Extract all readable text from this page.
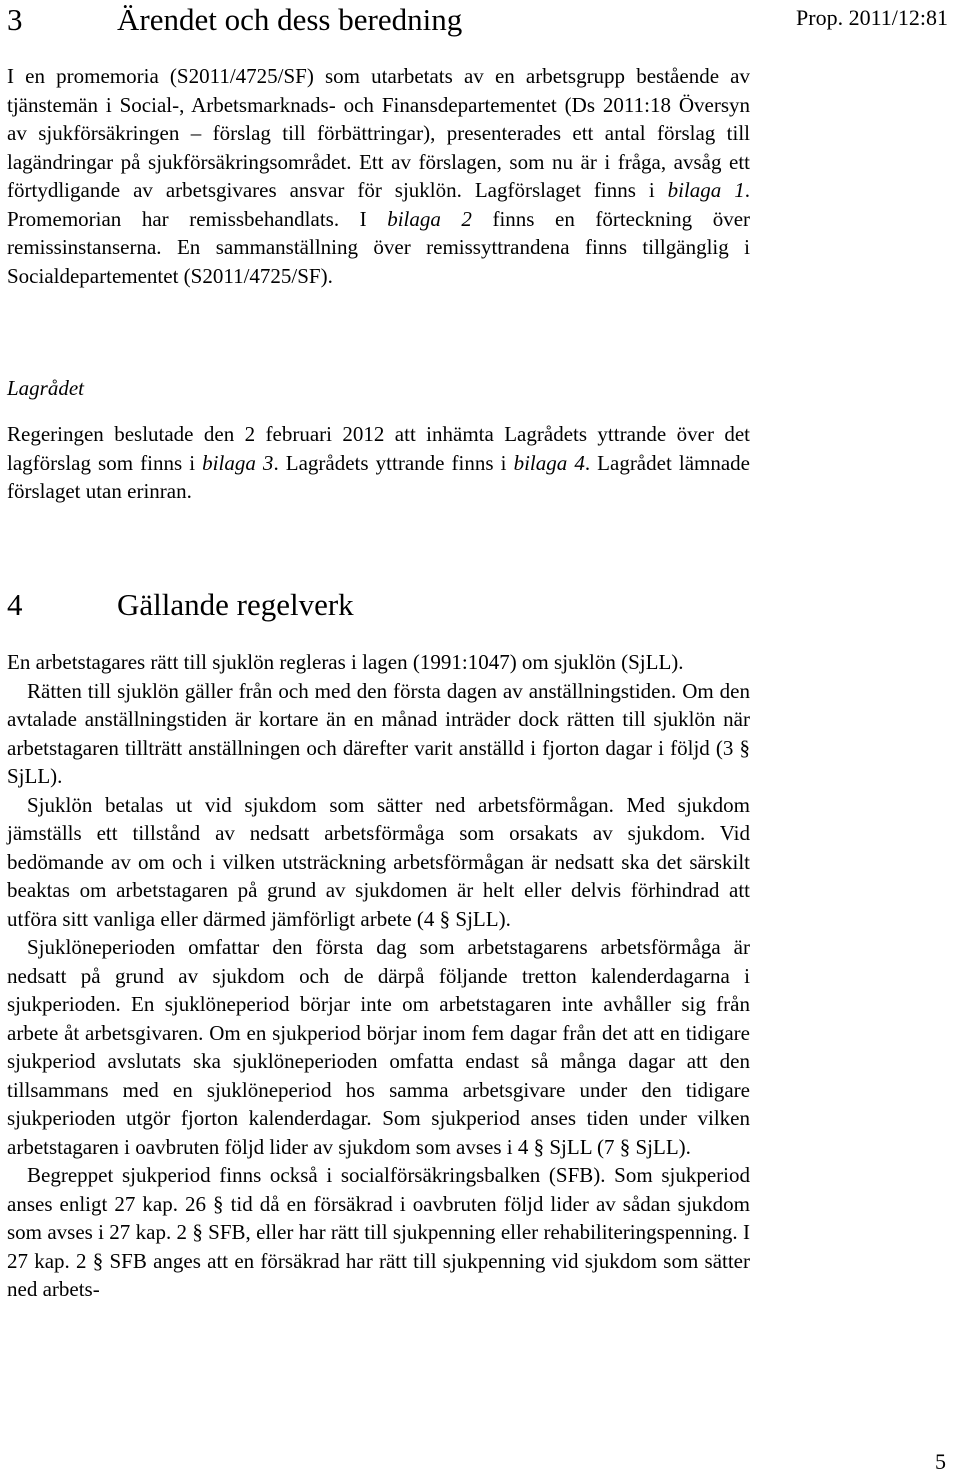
Prop. 2011/12:81
3	Ärendet och dess beredning

I en promemoria (S2011/4725/SF) som utarbetats av en arbetsgrupp bestående av tjänstemän i Social-, Arbetsmarknads- och Finansdepartementet (Ds 2011:18 Översyn av sjukförsäkringen – förslag till förbättringar), presenterades ett antal förslag till lagändringar på sjukförsäkringsområdet. Ett av förslagen, som nu är i fråga, avsåg ett förtydligande av arbetsgivares ansvar för sjuklön. Lagförslaget finns i bilaga 1. Promemorian har remissbehandlats. I bilaga 2 finns en förteckning över remissinstanserna. En sammanställning över remissyttrandena finns tillgänglig i Socialdepartementet (S2011/4725/SF).

Lagrådet

Regeringen beslutade den 2 februari 2012 att inhämta Lagrådets yttrande över det lagförslag som finns i bilaga 3. Lagrådets yttrande finns i bilaga 4. Lagrådet lämnade förslaget utan erinran.

4	Gällande regelverk

En arbetstagares rätt till sjuklön regleras i lagen (1991:1047) om sjuklön (SjLL).

Rätten till sjuklön gäller från och med den första dagen av anställningstiden. Om den avtalade anställningstiden är kortare än en månad inträder dock rätten till sjuklön när arbetstagaren tillträtt anställningen och därefter varit anställd i fjorton dagar i följd (3 § SjLL).

Sjuklön betalas ut vid sjukdom som sätter ned arbetsförmågan. Med sjukdom jämställs ett tillstånd av nedsatt arbetsförmåga som orsakats av sjukdom. Vid bedömande av om och i vilken utsträckning arbetsförmågan är nedsatt ska det särskilt beaktas om arbetstagaren på grund av sjukdomen är helt eller delvis förhindrad att utföra sitt vanliga eller därmed jämförligt arbete (4 § SjLL).

Sjuklöneperioden omfattar den första dag som arbetstagarens arbetsförmåga är nedsatt på grund av sjukdom och de därpå följande tretton kalenderdagarna i sjukperioden. En sjuklöneperiod börjar inte om arbetstagaren inte avhåller sig från arbete åt arbetsgivaren. Om en sjukperiod börjar inom fem dagar från det att en tidigare sjukperiod avslutats ska sjuklöneperioden omfatta endast så många dagar att den tillsammans med en sjuklöneperiod hos samma arbetsgivare under den tidigare sjukperioden utgör fjorton kalenderdagar. Som sjukperiod anses tiden under vilken arbetstagaren i oavbruten följd lider av sjukdom som avses i 4 § SjLL (7 § SjLL).

Begreppet sjukperiod finns också i socialförsäkringsbalken (SFB). Som sjukperiod anses enligt 27 kap. 26 § tid då en försäkrad i oavbruten följd lider av sådan sjukdom som avses i 27 kap. 2 § SFB, eller har rätt till sjukpenning eller rehabiliteringspenning. I 27 kap. 2 § SFB anges att en försäkrad har rätt till sjukpenning vid sjukdom som sätter ned arbets-

5
